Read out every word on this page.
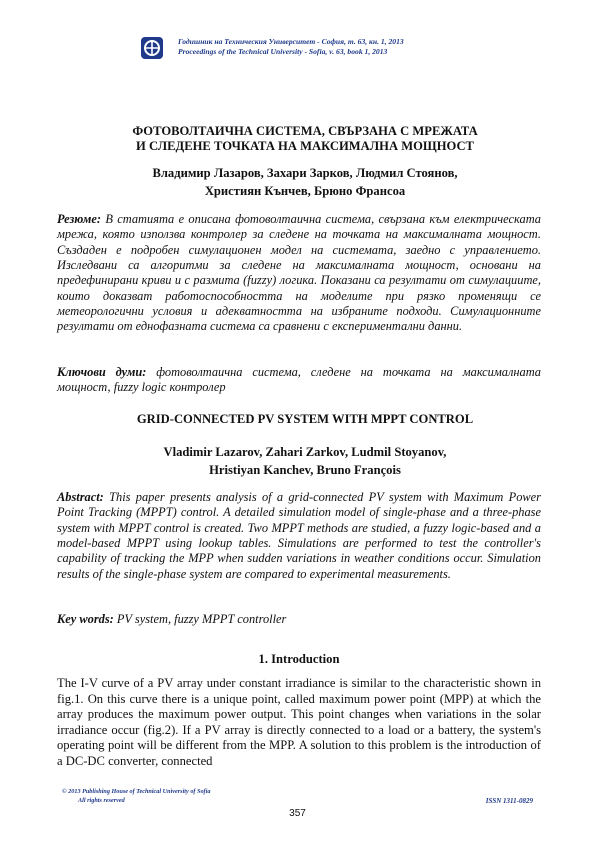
Годишник на Техническия Университет - София, т. 63, кн. 1, 2013
Proceedings of the Technical University - Sofia, v. 63, book 1, 2013
ФОТОВОЛТАИЧНА СИСТЕМА, СВЪРЗАНА С МРЕЖАТА
И СЛЕДЕНЕ ТОЧКАТА НА МАКСИМАЛНА МОЩНОСТ
Владимир Лазаров, Захари Зарков, Людмил Стоянов,
Християн Кънчев, Брюно Франсоа
Резюме: В статията е описана фотоволтаична система, свързана към електрическата мрежа, която използва контролер за следене на точката на максималната мощност. Създаден е подробен симулационен модел на системата, заедно с управлението. Изследвани са алгоритми за следене на максималната мощност, основани на предефинирани криви и с размита (fuzzy) логика. Показани са резултати от симулациите, които доказват работоспособността на моделите при рязко променящи се метеорологични условия и адекватността на избраните подходи. Симулационните резултати от еднофазната система са сравнени с експериментални данни.
Ключови думи: фотоволтаична система, следене на точката на максималната мощност, fuzzy logic контролер
GRID-CONNECTED PV SYSTEM WITH MPPT CONTROL
Vladimir Lazarov, Zahari Zarkov, Ludmil Stoyanov,
Hristiyan Kanchev, Bruno François
Abstract: This paper presents analysis of a grid-connected PV system with Maximum Power Point Tracking (MPPT) control. A detailed simulation model of single-phase and a three-phase system with MPPT control is created. Two MPPT methods are studied, a fuzzy logic-based and a model-based MPPT using lookup tables. Simulations are performed to test the controller's capability of tracking the MPP when sudden variations in weather conditions occur. Simulation results of the single-phase system are compared to experimental measurements.
Key words: PV system, fuzzy MPPT controller
1. Introduction
The I-V curve of a PV array under constant irradiance is similar to the characteristic shown in fig.1. On this curve there is a unique point, called maximum power point (MPP) at which the array produces the maximum power output. This point changes when variations in the solar irradiance occur (fig.2). If a PV array is directly connected to a load or a battery, the system's operating point will be different from the MPP. A solution to this problem is the introduction of a DC-DC converter, connected
© 2013 Publishing House of Technical University of Sofia
All rights reserved	ISSN 1311-0829
357
